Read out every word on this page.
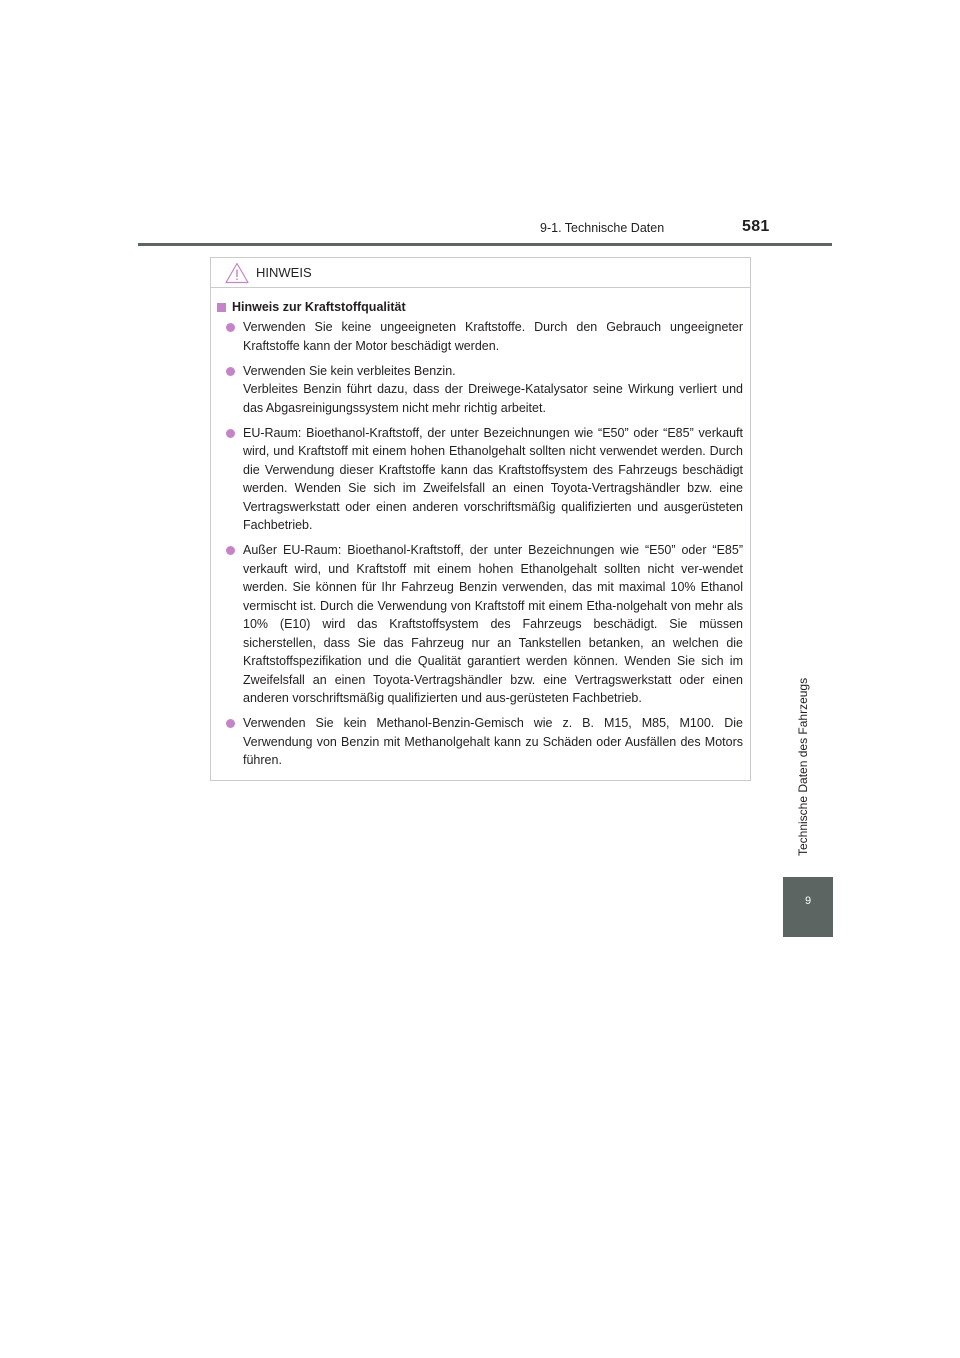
9-1. Technische Daten	581
Technische Daten des Fahrzeugs
9
HINWEIS
Hinweis zur Kraftstoffqualität

Verwenden Sie keine ungeeigneten Kraftstoffe. Durch den Gebrauch ungeeigneter Kraftstoffe kann der Motor beschädigt werden.

Verwenden Sie kein verbleites Benzin.

Verbleites Benzin führt dazu, dass der Dreiwege-Katalysator seine Wirkung verliert und das Abgasreinigungssystem nicht mehr richtig arbeitet.

EU-Raum: Bioethanol-Kraftstoff, der unter Bezeichnungen wie “E50” oder “E85” verkauft wird, und Kraftstoff mit einem hohen Ethanolgehalt sollten nicht verwendet werden. Durch die Verwendung dieser Kraftstoffe kann das Kraftstoffsystem des Fahrzeugs beschädigt werden. Wenden Sie sich im Zweifelsfall an einen Toyota-Vertragshändler bzw. eine Vertragswerkstatt oder einen anderen vorschriftsmäßig qualifizierten und ausgerüsteten Fachbetrieb.

Außer EU-Raum: Bioethanol-Kraftstoff, der unter Bezeichnungen wie “E50” oder “E85” verkauft wird, und Kraftstoff mit einem hohen Ethanolgehalt sollten nicht ver-wendet werden. Sie können für Ihr Fahrzeug Benzin verwenden, das mit maximal 10% Ethanol vermischt ist. Durch die Verwendung von Kraftstoff mit einem Etha-nolgehalt von mehr als 10% (E10) wird das Kraftstoffsystem des Fahrzeugs beschädigt. Sie müssen sicherstellen, dass Sie das Fahrzeug nur an Tankstellen betanken, an welchen die Kraftstoffspezifikation und die Qualität garantiert werden können. Wenden Sie sich im Zweifelsfall an einen Toyota-Vertragshändler bzw. eine Vertragswerkstatt oder einen anderen vorschriftsmäßig qualifizierten und aus-gerüsteten Fachbetrieb.

Verwenden Sie kein Methanol-Benzin-Gemisch wie z. B. M15, M85, M100. Die Verwendung von Benzin mit Methanolgehalt kann zu Schäden oder Ausfällen des Motors führen.
